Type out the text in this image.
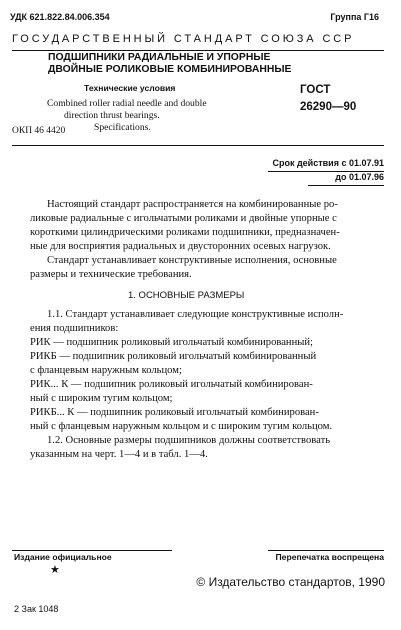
УДК 621.822.84.006.354	Группа Г16
ГОСУДАРСТВЕННЫЙ СТАНДАРТ СОЮЗА ССР
ПОДШИПНИКИ РАДИАЛЬНЫЕ И УПОРНЫЕ
ДВОЙНЫЕ РОЛИКОВЫЕ КОМБИНИРОВАННЫЕ
Технические условия
Combined roller radial needle and double
direction thrust bearings.
Specifications.
ГОСТ
26290—90
ОКП 46 4420
Срок действия с 01.07.91
до 01.07.96
Настоящий стандарт распространяется на комбинированные ро-
ликовые радиальные с игольчатыми роликами и двойные упорные с
короткими цилиндрическими роликами подшипники, предназначен-
ные для восприятия радиальных и двусторонних осевых нагрузок.
Стандарт устанавливает конструктивные исполнения, основные
размеры и технические требования.
1. ОСНОВНЫЕ РАЗМЕРЫ
1.1. Стандарт устанавливает следующие конструктивные исполн-
ения подшипников:
РИК — подшипник роликовый игольчатый комбинированный;
РИКБ — подшипник роликовый игольчатый комбинированный
с фланцевым наружным кольцом;
РИК... К — подшипник роликовый игольчатый комбинирован-
ный с широким тугим кольцом;
РИКБ... К — подшипник роликовый игольчатый комбинирован-
ный с фланцевым наружным кольцом и с широким тугим кольцом.
1.2. Основные размеры подшипников должны соответствовать
указанным на черт. 1—4 и в табл. 1—4.
Издание официальное	Перепечатка воспрещена
★
© Издательство стандартов, 1990
2 Зак 1048
